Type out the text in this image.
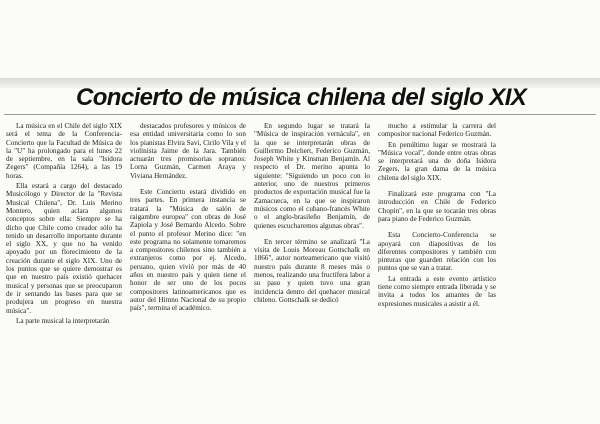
Concierto de música chilena del siglo XIX

La música en el Chile del siglo XIX será el tema de la Conferencia-Concierto que la Facultad de Música de la "U" ha prolongado para el lunes 22 de septiembre, en la sala "Isidora Zegers" (Compañía 1264), a las 19 horas.

Ella estará a cargo del destacado Musicólogo y Director de la "Revista Musical Chilena", Dr. Luis Merino Montero, quien aclara algunos conceptos sobre ella: Siempre se ha dicho que Chile como creador sólo ha tenido un desarrollo importante durante el siglo XX, y que no ha venido apoyado por un florecimiento de la creación durante el siglo XIX. Uno de los puntos que se quiere demostrar es que en nuestro país existió quehacer musical y personas que se preocuparon de ir sentando las bases para que se produjera un progreso en nuestra música".

La parte musical la interpretarán

destacados profesores y músicos de esa entidad universitaria como lo son los pianistas Elvira Savi, Cirilo Vila y el violinista Jaime de la Jara. También actuarán tres promisorias sopranos: Lorna Guzmán, Carmen Araya y Viviana Hernández.

Este Concierto estará dividido en tres partes. En primera instancia se tratará la "Música de salón de raigambre europea" con obras de José Zapiola y José Bernardo Alcedo. Sobre el punto el profesor Merino dice: "en este programa no solamente tomaremos a compositores chilenos sino también a extranjeros como por ej. Alcedo, peruano, quien vivió por más de 40 años en nuestro país y quien tiene el honor de ser uno de los pocos compositores latinoamericanos que es autor del Himno Nacional de su propio país", termina el académico.

En segundo lugar se tratará la "Música de inspiración vernácula", en la que se interpretarán obras de Guillermo Deichert, Federico Guzmán, Joseph White y Kinsman Benjamín. Al respecto el Dr. merino apunta lo siguiente: "Siguiendo un poco con lo anterior, uno de nuestros primeros productos de exportación musical fue la Zamacueca, en la que se inspiraron músicos como el cubano-francés White o el anglo-brasileño Benjamín, de quienes escucharemos algunas obras".

En tercer término se analizará "La visita de Louis Moreau Gottschalk en 1866", autor norteamericano que visitó nuestro país durante 8 meses más o menos, realizando una fructífera labor a su paso y quien tuvo una gran incidencia dentro del quehacer musical chileno. Gottschalk se dedicó

mucho a estimular la carrera del compositor nacional Federico Guzmán.

En penúltimo lugar se mostrará la "Música vocal", donde entre otras obras se interpretará una de doña Isidora Zegers, la gran dama de la música chilena del siglo XIX.

Finalizará este programa con "La introducción en Chile de Federico Chopin", en la que se tocarán tres obras para piano de Federico Guzmán.

Esta Concierto-Conferencia se apoyará con diapositivas de los diferentes compositores y también con pinturas que guarden relación con los puntos que se van a tratar.

La entrada a este evento artístico tiene como siempre entrada liberada y se invita a todos los amantes de las expresiones musicales a asistir a él.
